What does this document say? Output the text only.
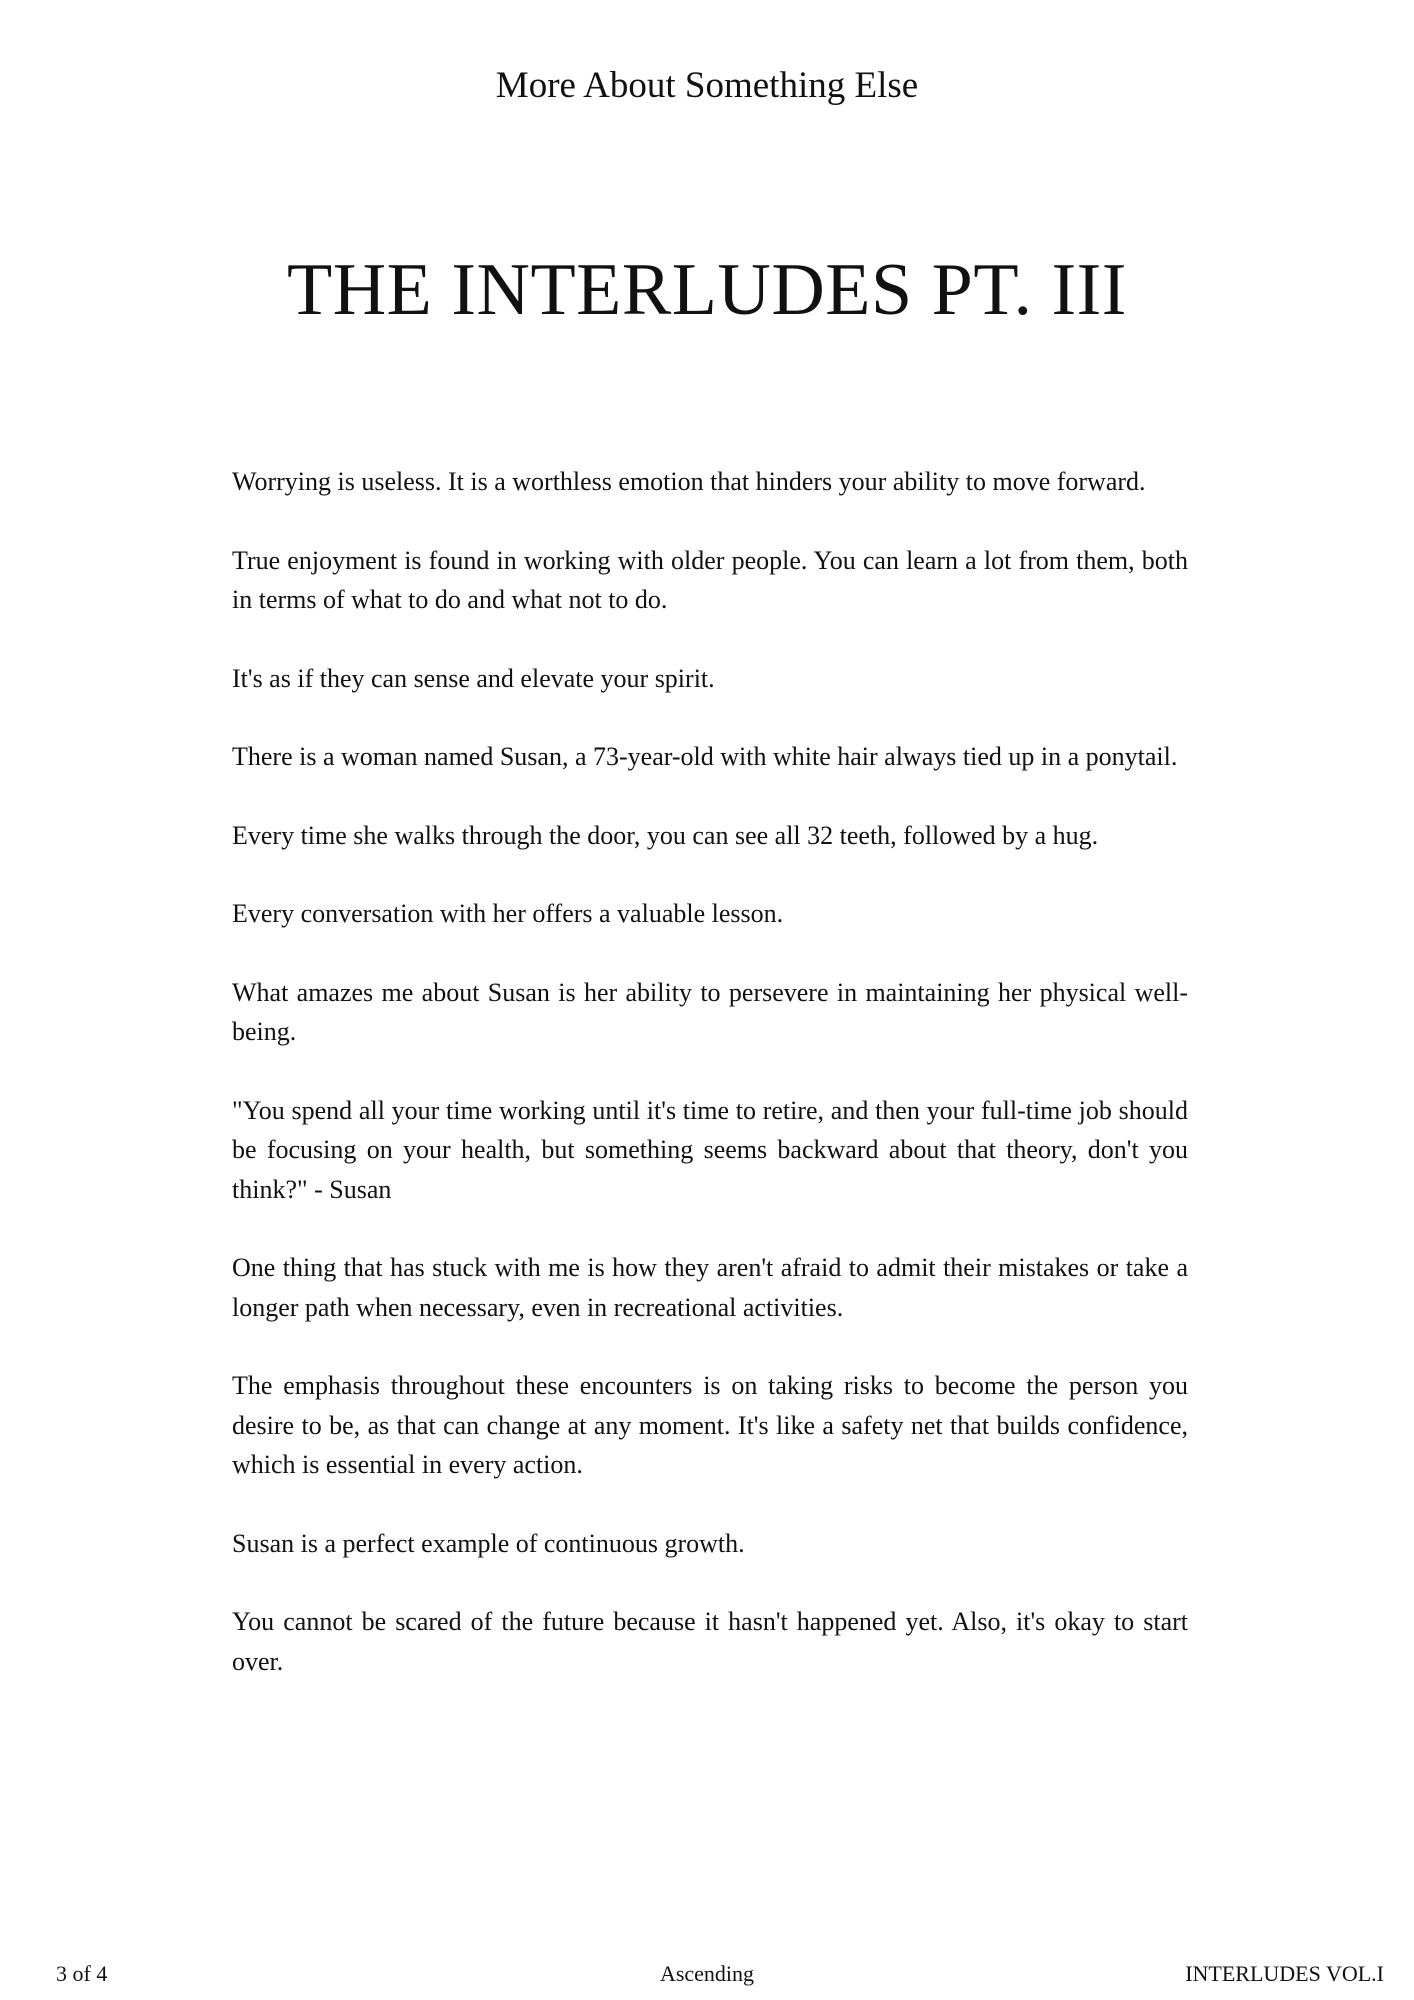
More About Something Else
THE INTERLUDES PT. III

Worrying is useless. It is a worthless emotion that hinders your ability to move forward.

True enjoyment is found in working with older people. You can learn a lot from them, both in terms of what to do and what not to do.

It's as if they can sense and elevate your spirit.

There is a woman named Susan, a 73-year-old with white hair always tied up in a ponytail.

Every time she walks through the door, you can see all 32 teeth, followed by a hug.

Every conversation with her offers a valuable lesson.

What amazes me about Susan is her ability to persevere in maintaining her physical well-being.

"You spend all your time working until it's time to retire, and then your full-time job should be focusing on your health, but something seems backward about that theory, don't you think?" - Susan

One thing that has stuck with me is how they aren't afraid to admit their mistakes or take a longer path when necessary, even in recreational activities.

The emphasis throughout these encounters is on taking risks to become the person you desire to be, as that can change at any moment. It's like a safety net that builds confidence, which is essential in every action.

Susan is a perfect example of continuous growth.

You cannot be scared of the future because it hasn't happened yet. Also, it's okay to start over.

3 of 4	Ascending	INTERLUDES VOL.I
